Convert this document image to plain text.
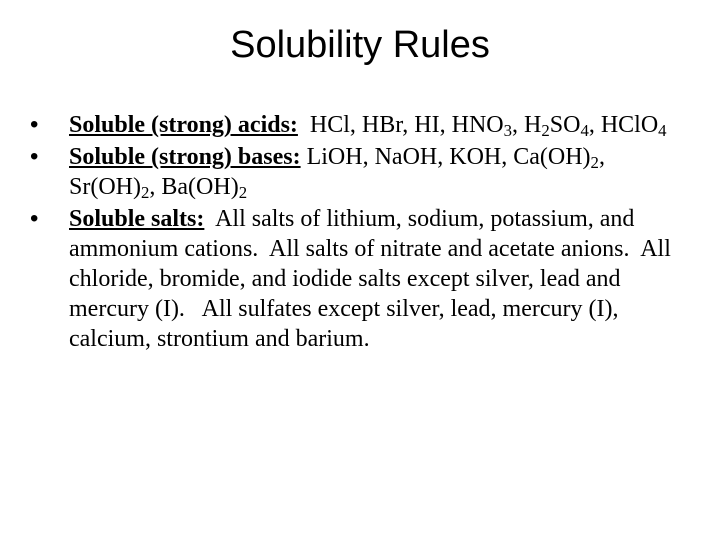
Solubility Rules
•	Soluble (strong) acids: HCl, HBr, HI, $HNO_3$, $H_2SO_4$, HClO$_4$
•	Soluble (strong) bases: LiOH, NaOH, KOH, $Ca(OH)_2$, $Sr(OH)_2$, $Ba(OH)_2$
•	Soluble salts: All salts of lithium, sodium, potassium, and ammonium cations.  All salts of nitrate and acetate anions.  All chloride, bromide, and iodide salts except silver, lead and mercury (I).   All sulfates except silver, lead, mercury (I),  calcium, strontium and barium.
